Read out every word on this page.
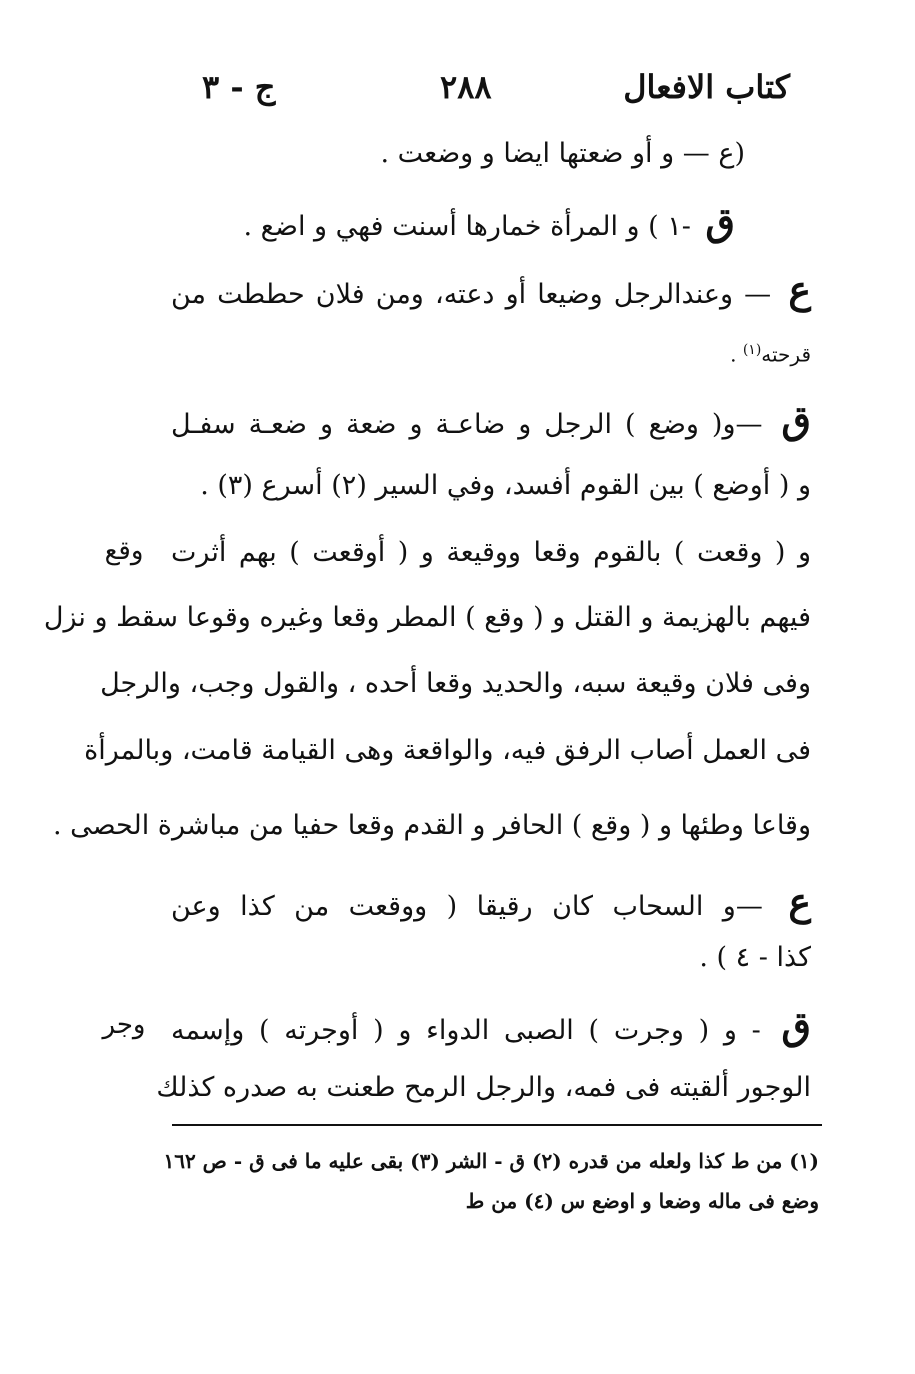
كتاب الافعال
٢٨٨
ج - ٣
(ع — و أو ضعتها ايضا و وضعت .
ق -١ ) و المرأة خمارها أسنت فهي و اضع .
ع — وعندالرجل وضيعا أو دعته، ومن فلان حططت من
قرحته$^{(١)}$ .
ق —و( وضع ) الرجل و ضاعـة و ضعة و ضعـة سفـل
و ( أوضع ) بين القوم أفسد، وفي السير (٢) أسرع (٣) .
و ( وقعت ) بالقوم وقعا ووقيعة و ( أوقعت ) بهم أثرت
وقع
فيهم بالهزيمة و القتل و ( وقع ) المطر وقعا وغيره وقوعا سقط و نزل
وفى فلان وقيعة سبه، والحديد وقعا أحده ، والقول وجب، والرجل
فى العمل أصاب الرفق فيه، والواقعة وهى القيامة قامت، وبالمرأة
وقاعا وطئها و ( وقع ) الحافر و القدم وقعا حفيا من مباشرة الحصى .
ع —و السحاب كان رقيقا ( ووقعت من كذا وعن
كذا - ٤ ) .
ق - و ( وجرت ) الصبى الدواء و ( أوجرته ) وإسمه
وجر
الوجور ألقيته فى فمه، والرجل الرمح طعنت به صدره كذلك
(١) من ط كذا ولعله من قدره (٢) ق - الشر (٣) بقى عليه ما فى ق - ص ١٦٢
وضع فى ماله وضعا و اوضع س (٤) من ط
